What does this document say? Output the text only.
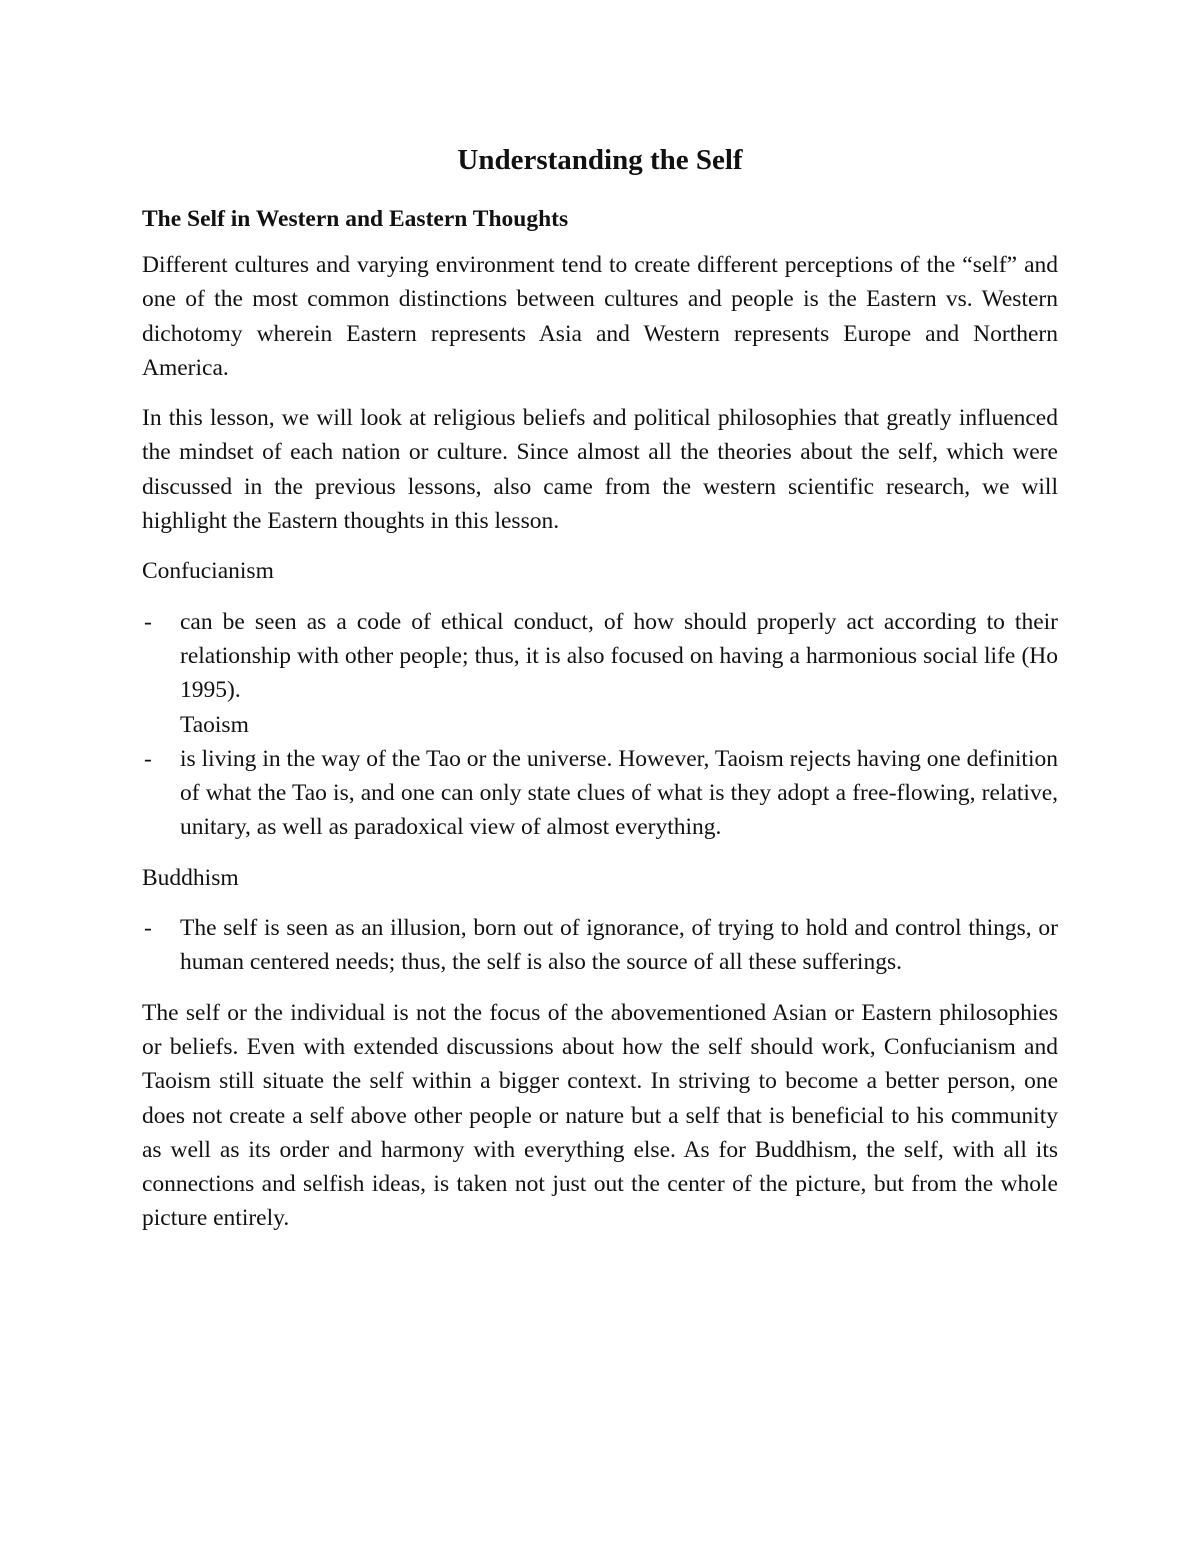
Understanding the Self
The Self in Western and Eastern Thoughts

Different cultures and varying environment tend to create different perceptions of the “self” and one of the most common distinctions between cultures and people is the Eastern vs. Western dichotomy wherein Eastern represents Asia and Western represents Europe and Northern America.

In this lesson, we will look at religious beliefs and political philosophies that greatly influenced the mindset of each nation or culture. Since almost all the theories about the self, which were discussed in the previous lessons, also came from the western scientific research, we will highlight the Eastern thoughts in this lesson.

Confucianism
- can be seen as a code of ethical conduct, of how should properly act according to their relationship with other people; thus, it is also focused on having a harmonious social life (Ho 1995).
Taoism
- is living in the way of the Tao or the universe. However, Taoism rejects having one definition of what the Tao is, and one can only state clues of what is they adopt a free-flowing, relative, unitary, as well as paradoxical view of almost everything.
Buddhism
- The self is seen as an illusion, born out of ignorance, of trying to hold and control things, or human centered needs; thus, the self is also the source of all these sufferings.

The self or the individual is not the focus of the abovementioned Asian or Eastern philosophies or beliefs. Even with extended discussions about how the self should work, Confucianism and Taoism still situate the self within a bigger context. In striving to become a better person, one does not create a self above other people or nature but a self that is beneficial to his community as well as its order and harmony with everything else. As for Buddhism, the self, with all its connections and selfish ideas, is taken not just out the center of the picture, but from the whole picture entirely.
